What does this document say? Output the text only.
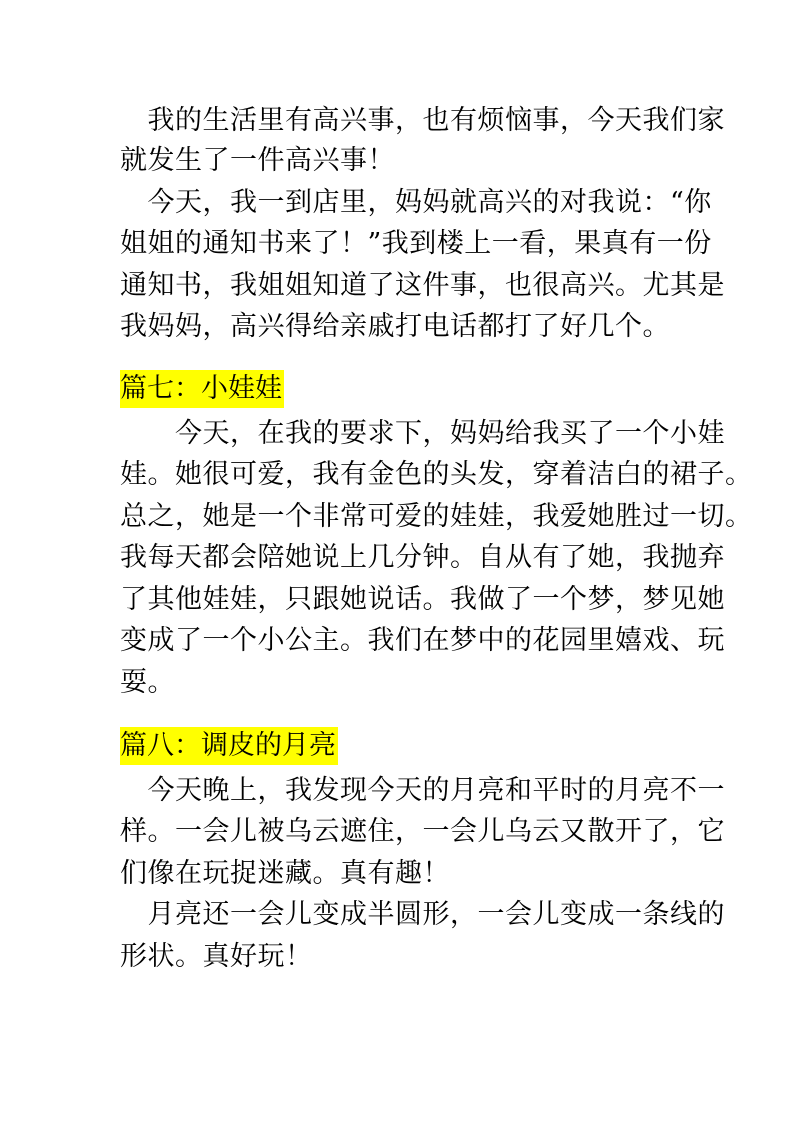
　我的生活里有高兴事，也有烦恼事，今天我们家
就发生了一件高兴事！
　今天，我一到店里，妈妈就高兴的对我说：“你
姐姐的通知书来了！”我到楼上一看，果真有一份
通知书，我姐姐知道了这件事，也很高兴。尤其是
我妈妈，高兴得给亲戚打电话都打了好几个。
篇七：小娃娃
　　今天，在我的要求下，妈妈给我买了一个小娃
娃。她很可爱，我有金色的头发，穿着洁白的裙子。
总之，她是一个非常可爱的娃娃，我爱她胜过一切。
我每天都会陪她说上几分钟。自从有了她，我抛弃
了其他娃娃，只跟她说话。我做了一个梦，梦见她
变成了一个小公主。我们在梦中的花园里嬉戏、玩
耍。
篇八：调皮的月亮
　今天晚上，我发现今天的月亮和平时的月亮不一
样。一会儿被乌云遮住，一会儿乌云又散开了，它
们像在玩捉迷藏。真有趣！
　月亮还一会儿变成半圆形，一会儿变成一条线的
形状。真好玩！
